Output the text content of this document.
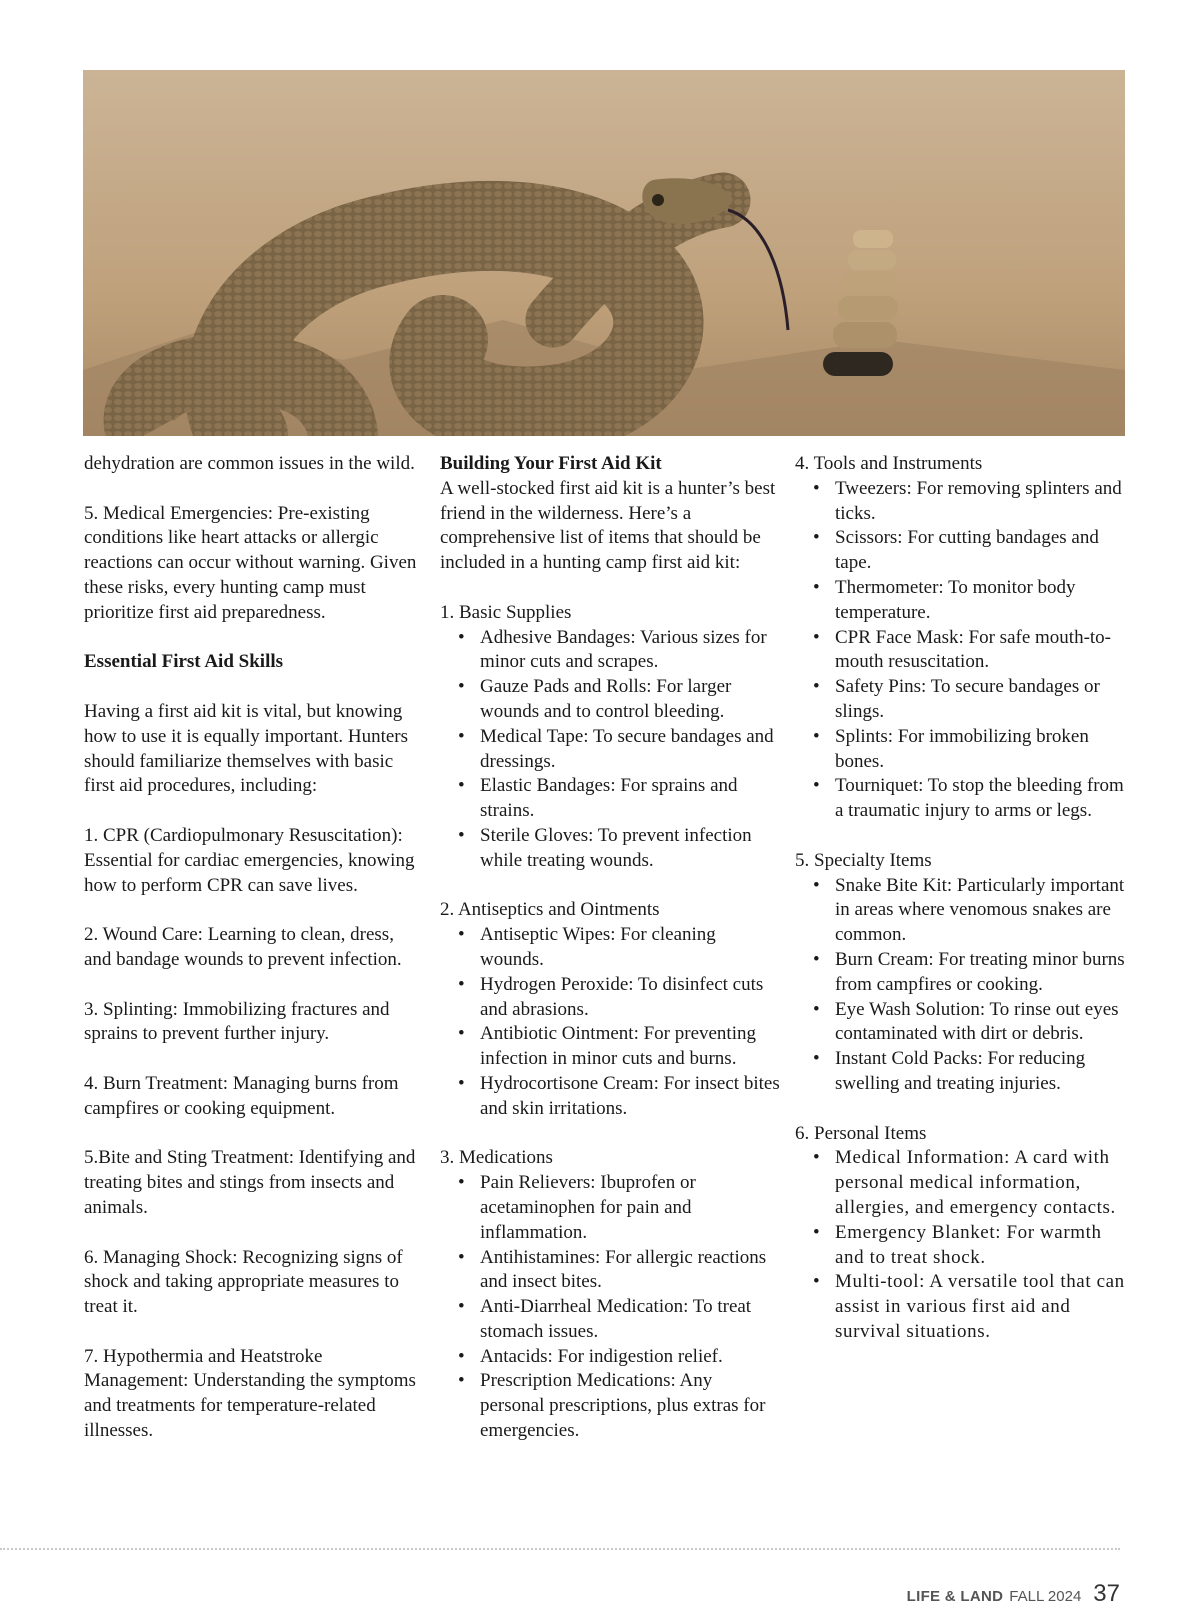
dehydration are common issues in the wild.

5. Medical Emergencies: Pre-existing conditions like heart attacks or allergic reactions can occur without warning. Given these risks, every hunting camp must prioritize first aid preparedness.

Essential First Aid Skills

Having a first aid kit is vital, but knowing how to use it is equally important. Hunters should familiarize themselves with basic first aid procedures, including:

1. CPR (Cardiopulmonary Resuscitation): Essential for cardiac emergencies, knowing how to perform CPR can save lives.

2. Wound Care: Learning to clean, dress, and bandage wounds to prevent infection.

3. Splinting: Immobilizing fractures and sprains to prevent further injury.

4. Burn Treatment: Managing burns from campfires or cooking equipment.

5.Bite and Sting Treatment: Identifying and treating bites and stings from insects and animals.

6. Managing Shock: Recognizing signs of shock and taking appropriate measures to treat it.

7. Hypothermia and Heatstroke Management: Understanding the symptoms and treatments for temperature-related illnesses.

Building Your First Aid Kit

A well-stocked first aid kit is a hunter’s best friend in the wilderness. Here’s a comprehensive list of items that should be included in a hunting camp first aid kit:

1. Basic Supplies
• Adhesive Bandages: Various sizes for minor cuts and scrapes.
• Gauze Pads and Rolls: For larger wounds and to control bleeding.
• Medical Tape: To secure bandages and dressings.
• Elastic Bandages: For sprains and strains.
• Sterile Gloves: To prevent infection while treating wounds.
2. Antiseptics and Ointments
• Antiseptic Wipes: For cleaning wounds.
• Hydrogen Peroxide: To disinfect cuts and abrasions.
• Antibiotic Ointment: For preventing infection in minor cuts and burns.
• Hydrocortisone Cream: For insect bites and skin irritations.
3. Medications
• Pain Relievers: Ibuprofen or acetaminophen for pain and inflammation.
• Antihistamines: For allergic reactions and insect bites.
• Anti-Diarrheal Medication: To treat stomach issues.
• Antacids: For indigestion relief.
• Prescription Medications: Any personal prescriptions, plus extras for emergencies.
4. Tools and Instruments
• Tweezers: For removing splinters and ticks.
• Scissors: For cutting bandages and tape.
• Thermometer: To monitor body temperature.
• CPR Face Mask: For safe mouth-to-mouth resuscitation.
• Safety Pins: To secure bandages or slings.
• Splints: For immobilizing broken bones.
• Tourniquet: To stop the bleeding from a traumatic injury to arms or legs.
5. Specialty Items
• Snake Bite Kit: Particularly important in areas where venomous snakes are common.
• Burn Cream: For treating minor burns from campfires or cooking.
• Eye Wash Solution: To rinse out eyes contaminated with dirt or debris.
• Instant Cold Packs: For reducing swelling and treating injuries.
6. Personal Items
• Medical Information: A card with personal medical information, allergies, and emergency contacts.
• Emergency Blanket: For warmth and to treat shock.
• Multi-tool: A versatile tool that can assist in various first aid and survival situations.
LIFE & LAND FALL 2024 37
